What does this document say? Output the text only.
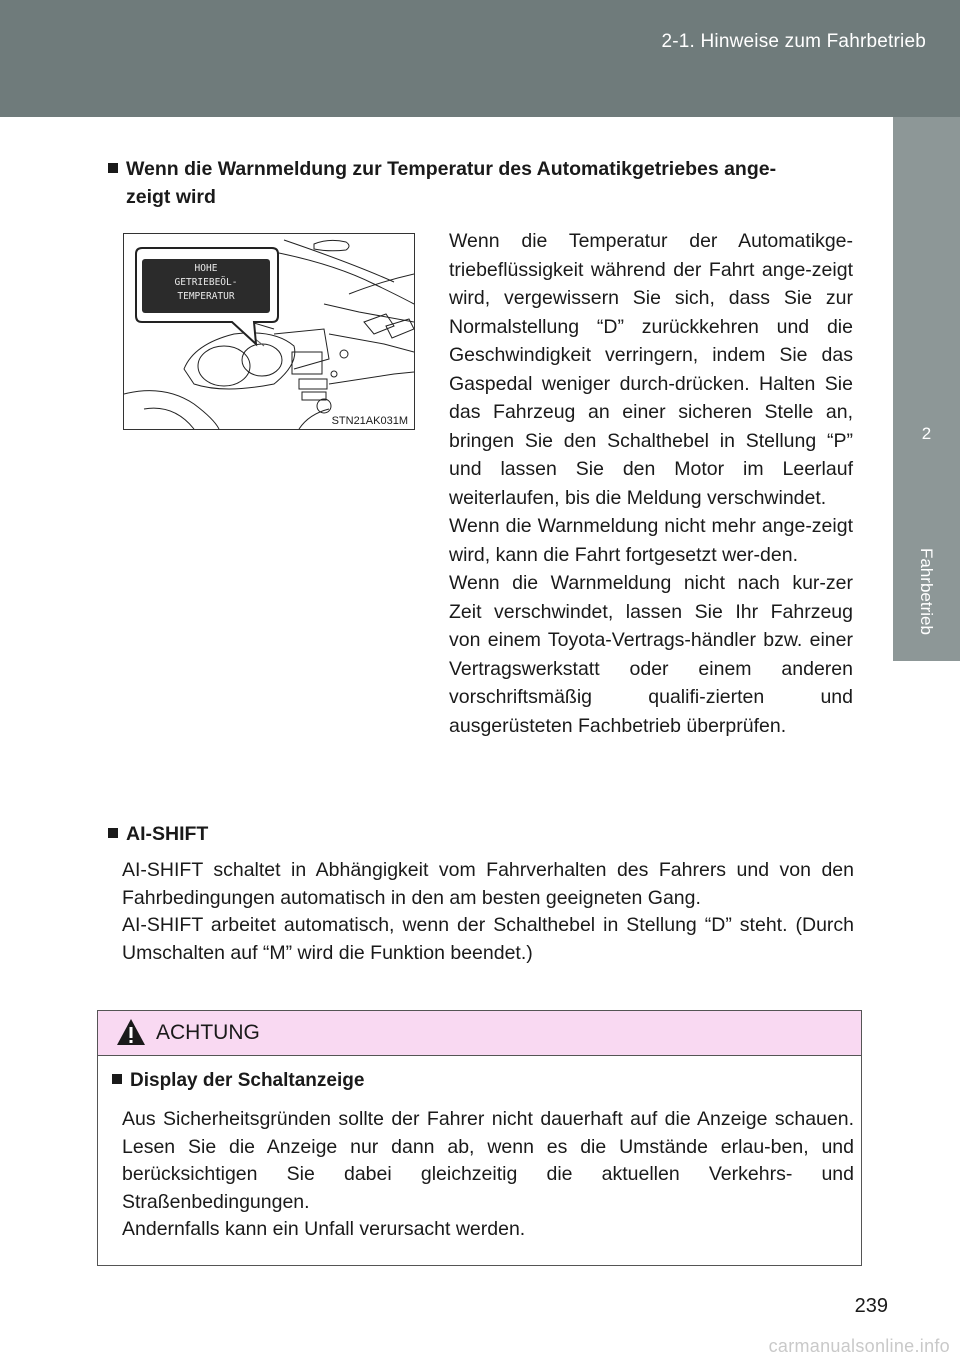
2-1. Hinweise zum Fahrbetrieb
2
Fahrbetrieb
Wenn die Warnmeldung zur Temperatur des Automatikgetriebes ange-
zeigt wird
HOHE
GETRIEBEÖL-
TEMPERATUR
STN21AK031M

Wenn die Temperatur der Automatikge-triebeflüssigkeit während der Fahrt ange-zeigt wird, vergewissern Sie sich, dass Sie zur Normalstellung “D” zurückkehren und die Geschwindigkeit verringern, indem Sie das Gaspedal weniger durch-drücken. Halten Sie das Fahrzeug an einer sicheren Stelle an, bringen Sie den Schalthebel in Stellung “P” und lassen Sie den Motor im Leerlauf weiterlaufen, bis die Meldung verschwindet.

Wenn die Warnmeldung nicht mehr ange-zeigt wird, kann die Fahrt fortgesetzt wer-den.

Wenn die Warnmeldung nicht nach kur-zer Zeit verschwindet, lassen Sie Ihr Fahrzeug von einem Toyota-Vertrags-händler bzw. einer Vertragswerkstatt oder einem anderen vorschriftsmäßig qualifi-zierten und ausgerüsteten Fachbetrieb überprüfen.

AI-SHIFT

AI-SHIFT schaltet in Abhängigkeit vom Fahrverhalten des Fahrers und von den Fahrbedingungen automatisch in den am besten geeigneten Gang.

AI-SHIFT arbeitet automatisch, wenn der Schalthebel in Stellung “D” steht. (Durch Umschalten auf “M” wird die Funktion beendet.)

ACHTUNG
Display der Schaltanzeige

Aus Sicherheitsgründen sollte der Fahrer nicht dauerhaft auf die Anzeige schauen. Lesen Sie die Anzeige nur dann ab, wenn es die Umstände erlau-ben, und berücksichtigen Sie dabei gleichzeitig die aktuellen Verkehrs- und Straßenbedingungen.

Andernfalls kann ein Unfall verursacht werden.

239
carmanualsonline.info
